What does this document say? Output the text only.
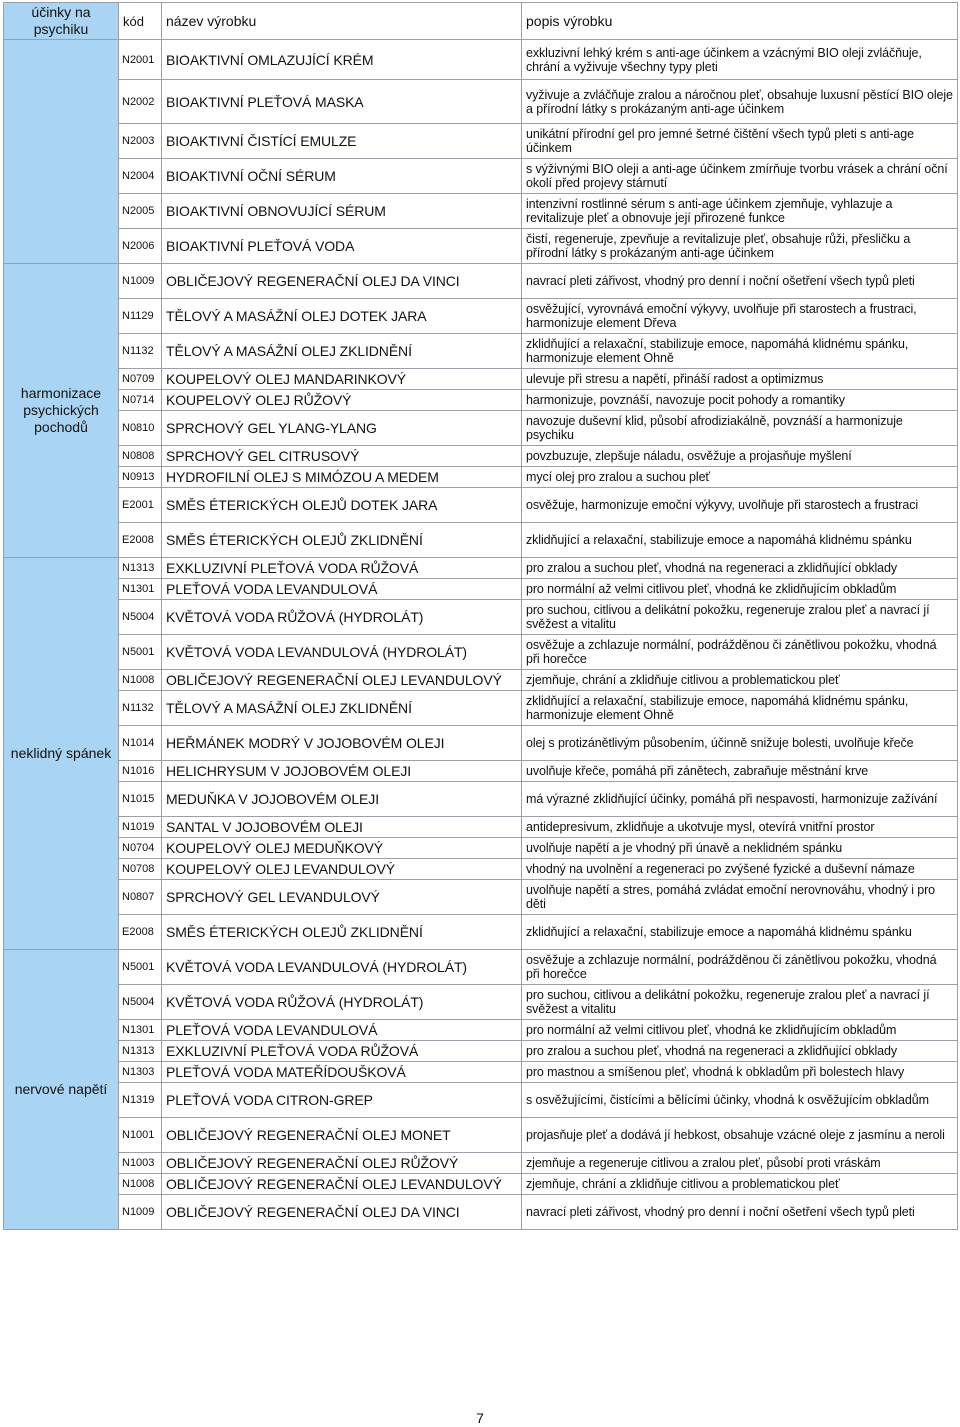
účinky na psychiku	kód	název výrobku	popis výrobku
	N2001	BIOAKTIVNÍ OMLAZUJÍCÍ KRÉM	exkluzivní lehký krém s anti-age účinkem a vzácnými BIO oleji zvláčňuje, chrání a vyživuje všechny typy pleti
	N2002	BIOAKTIVNÍ PLEŤOVÁ MASKA	vyživuje a zvláčňuje zralou a náročnou pleť, obsahuje luxusní pěstící BIO oleje a přírodní látky s prokázaným anti-age účinkem
	N2003	BIOAKTIVNÍ ČISTÍCÍ EMULZE	unikátní přírodní gel pro jemné šetrné čištění všech typů pleti s anti-age účinkem
	N2004	BIOAKTIVNÍ OČNÍ SÉRUM	s výživnými BIO oleji a anti-age účinkem zmírňuje tvorbu vrásek a chrání oční okolí před projevy stárnutí
	N2005	BIOAKTIVNÍ OBNOVUJÍCÍ SÉRUM	intenzivní rostlinné sérum s anti-age účinkem zjemňuje, vyhlazuje a revitalizuje pleť a obnovuje její přirozené funkce
	N2006	BIOAKTIVNÍ PLEŤOVÁ VODA	čistí, regeneruje, zpevňuje a revitalizuje pleť, obsahuje růži, přesličku a přírodní látky s prokázaným anti-age účinkem
harmonizace psychických pochodů	N1009	OBLIČEJOVÝ REGENERAČNÍ OLEJ DA VINCI	navrací pleti zářivost, vhodný pro denní i noční ošetření všech typů pleti
	N1129	TĚLOVÝ A MASÁŽNÍ OLEJ DOTEK JARA	osvěžující, vyrovnává emoční výkyvy, uvolňuje při starostech a frustraci, harmonizuje element Dřeva
	N1132	TĚLOVÝ A MASÁŽNÍ OLEJ ZKLIDNĚNÍ	zklidňující a relaxační, stabilizuje emoce, napomáhá klidnému spánku, harmonizuje element Ohně
	N0709	KOUPELOVÝ OLEJ MANDARINKOVÝ	ulevuje při stresu a napětí, přináší radost a optimizmus
	N0714	KOUPELOVÝ OLEJ RŮŽOVÝ	harmonizuje, povznáší, navozuje pocit pohody a romantiky
	N0810	SPRCHOVÝ GEL YLANG-YLANG	navozuje duševní klid, působí afrodiziakálně, povznáší a harmonizuje psychiku
	N0808	SPRCHOVÝ GEL CITRUSOVÝ	povzbuzuje, zlepšuje náladu, osvěžuje a projasňuje myšlení
	N0913	HYDROFILNÍ OLEJ S MIMÓZOU A MEDEM	mycí olej pro zralou a suchou pleť
	E2001	SMĚS ÉTERICKÝCH OLEJŮ DOTEK JARA	osvěžuje, harmonizuje emoční výkyvy, uvolňuje při starostech a frustraci
	E2008	SMĚS ÉTERICKÝCH OLEJŮ ZKLIDNĚNÍ	zklidňující a relaxační, stabilizuje emoce a napomáhá klidnému spánku
neklidný spánek	N1313	EXKLUZIVNÍ PLEŤOVÁ VODA RŮŽOVÁ	pro zralou a suchou pleť, vhodná na regeneraci a zklidňující obklady
	N1301	PLEŤOVÁ VODA LEVANDULOVÁ	pro normální až velmi citlivou pleť, vhodná ke zklidňujícím obkladům
	N5004	KVĚTOVÁ VODA RŮŽOVÁ (HYDROLÁT)	pro suchou, citlivou a delikátní pokožku, regeneruje zralou pleť a navrací jí svěžest a vitalitu
	N5001	KVĚTOVÁ VODA LEVANDULOVÁ (HYDROLÁT)	osvěžuje a zchlazuje normální, podrážděnou či zánětlivou pokožku, vhodná při horečce
	N1008	OBLIČEJOVÝ REGENERAČNÍ OLEJ LEVANDULOVÝ	zjemňuje, chrání a zklidňuje citlivou a problematickou pleť
	N1132	TĚLOVÝ A MASÁŽNÍ OLEJ ZKLIDNĚNÍ	zklidňující a relaxační, stabilizuje emoce, napomáhá klidnému spánku, harmonizuje element Ohně
	N1014	HEŘMÁNEK MODRÝ V JOJOBOVÉM OLEJI	olej s protizánětlivým působením, účinně snižuje bolesti, uvolňuje křeče
	N1016	HELICHRYSUM V JOJOBOVÉM OLEJI	uvolňuje křeče, pomáhá při zánětech, zabraňuje městnání krve
	N1015	MEDUŇKA V JOJOBOVÉM OLEJI	má výrazné zklidňující účinky, pomáhá při nespavosti, harmonizuje zažívání
	N1019	SANTAL V JOJOBOVÉM OLEJI	antidepresivum, zklidňuje a ukotvuje mysl, otevírá vnitřní prostor
	N0704	KOUPELOVÝ OLEJ MEDUŇKOVÝ	uvolňuje napětí a je vhodný při únavě a neklidném spánku
	N0708	KOUPELOVÝ OLEJ LEVANDULOVÝ	vhodný na uvolnění a regeneraci po zvýšené fyzické a duševní námaze
	N0807	SPRCHOVÝ GEL LEVANDULOVÝ	uvolňuje napětí a stres, pomáhá zvládat emoční nerovnováhu, vhodný i pro děti
	E2008	SMĚS ÉTERICKÝCH OLEJŮ ZKLIDNĚNÍ	zklidňující a relaxační, stabilizuje emoce a napomáhá klidnému spánku
nervové napětí	N5001	KVĚTOVÁ VODA LEVANDULOVÁ (HYDROLÁT)	osvěžuje a zchlazuje normální, podrážděnou či zánětlivou pokožku, vhodná při horečce
	N5004	KVĚTOVÁ VODA RŮŽOVÁ (HYDROLÁT)	pro suchou, citlivou a delikátní pokožku, regeneruje zralou pleť a navrací jí svěžest a vitalitu
	N1301	PLEŤOVÁ VODA LEVANDULOVÁ	pro normální až velmi citlivou pleť, vhodná ke zklidňujícím obkladům
	N1313	EXKLUZIVNÍ PLEŤOVÁ VODA RŮŽOVÁ	pro zralou a suchou pleť, vhodná na regeneraci a zklidňující obklady
	N1303	PLEŤOVÁ VODA MATEŘÍDOUŠKOVÁ	pro mastnou a smíšenou pleť, vhodná k obkladům při bolestech hlavy
	N1319	PLEŤOVÁ VODA CITRON-GREP	s osvěžujícími, čistícími a bělícími účinky, vhodná k osvěžujícím obkladům
	N1001	OBLIČEJOVÝ REGENERAČNÍ OLEJ MONET	projasňuje pleť a dodává jí hebkost, obsahuje vzácné oleje z jasmínu a neroli
	N1003	OBLIČEJOVÝ REGENERAČNÍ OLEJ RŮŽOVÝ	zjemňuje a regeneruje citlivou a zralou pleť, působí proti vráskám
	N1008	OBLIČEJOVÝ REGENERAČNÍ OLEJ LEVANDULOVÝ	zjemňuje, chrání a zklidňuje citlivou a problematickou pleť
	N1009	OBLIČEJOVÝ REGENERAČNÍ OLEJ DA VINCI	navrací pleti zářivost, vhodný pro denní i noční ošetření všech typů pleti
7
